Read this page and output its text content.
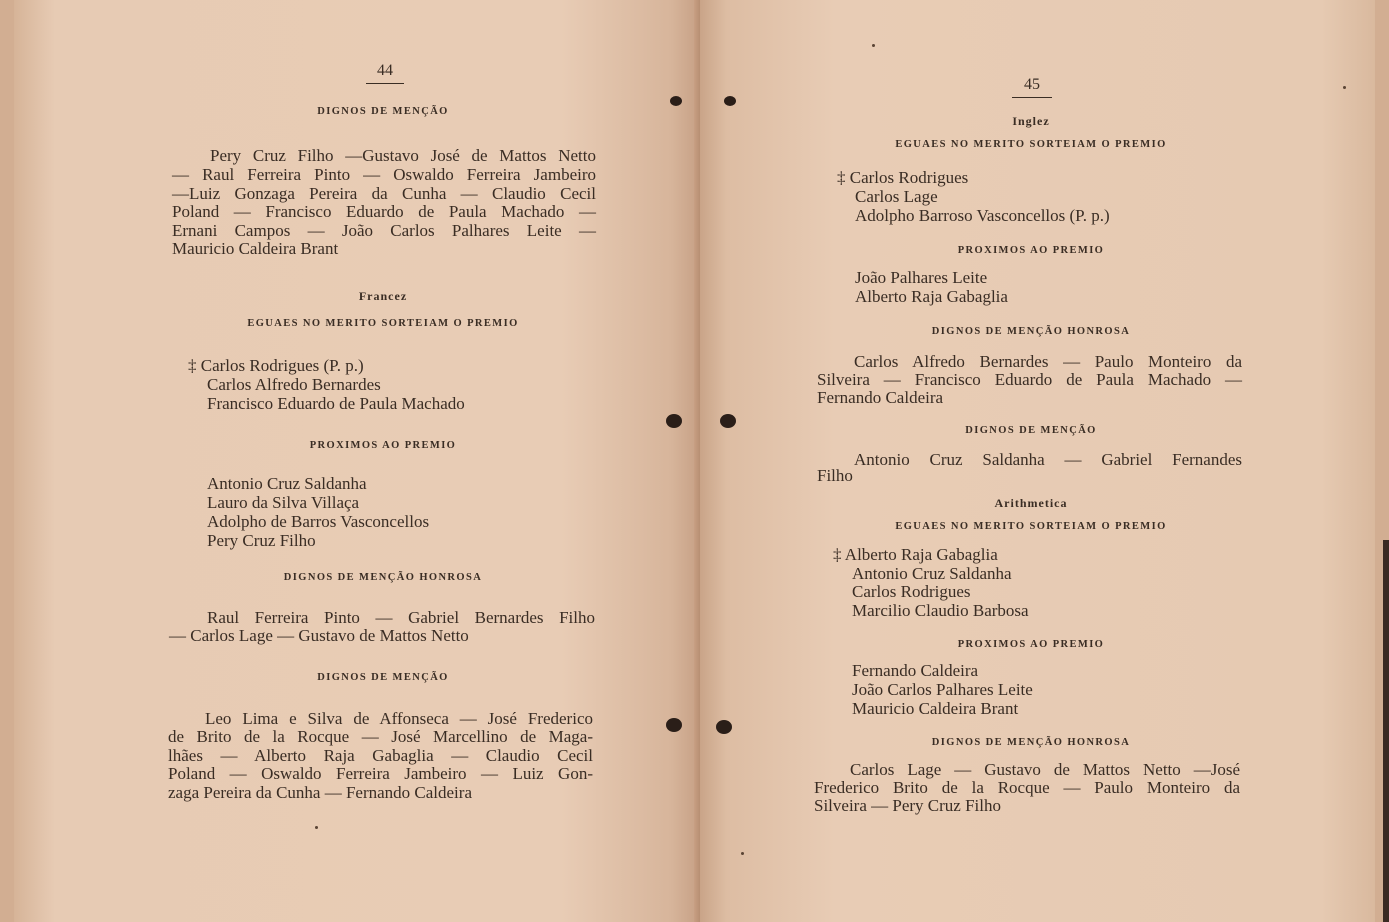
44
DIGNOS DE MENÇÃO
Pery Cruz Filho —Gustavo José de Mattos Netto
— Raul Ferreira Pinto — Oswaldo Ferreira Jambeiro
—Luiz Gonzaga Pereira da Cunha — Claudio Cecil
Poland — Francisco Eduardo de Paula Machado —
Ernani Campos — João Carlos Palhares Leite —
Mauricio Caldeira Brant
Francez
EGUAES NO MERITO SORTEIAM O PREMIO
‡ Carlos Rodrigues (P. p.)
Carlos Alfredo Bernardes
Francisco Eduardo de Paula Machado
PROXIMOS AO PREMIO
Antonio Cruz Saldanha
Lauro da Silva Villaça
Adolpho de Barros Vasconcellos
Pery Cruz Filho
DIGNOS DE MENÇÃO HONROSA
Raul Ferreira Pinto — Gabriel Bernardes Filho
— Carlos Lage — Gustavo de Mattos Netto
DIGNOS DE MENÇÃO
Leo Lima e Silva de Affonseca — José Frederico
de Brito de la Rocque — José Marcellino de Maga-
lhães — Alberto Raja Gabaglia — Claudio Cecil
Poland — Oswaldo Ferreira Jambeiro — Luiz Gon-
zaga Pereira da Cunha — Fernando Caldeira
45
Inglez
EGUAES NO MERITO SORTEIAM O PREMIO
‡ Carlos Rodrigues
Carlos Lage
Adolpho Barroso Vasconcellos (P. p.)
PROXIMOS AO PREMIO
João Palhares Leite
Alberto Raja Gabaglia
DIGNOS DE MENÇÃO HONROSA
Carlos Alfredo Bernardes — Paulo Monteiro da
Silveira — Francisco Eduardo de Paula Machado —
Fernando Caldeira
DIGNOS DE MENÇÃO
Antonio Cruz Saldanha — Gabriel Fernandes
Filho
Arithmetica
EGUAES NO MERITO SORTEIAM O PREMIO
‡ Alberto Raja Gabaglia
Antonio Cruz Saldanha
Carlos Rodrigues
Marcilio Claudio Barbosa
PROXIMOS AO PREMIO
Fernando Caldeira
João Carlos Palhares Leite
Mauricio Caldeira Brant
DIGNOS DE MENÇÃO HONROSA
Carlos Lage — Gustavo de Mattos Netto —José
Frederico Brito de la Rocque — Paulo Monteiro da
Silveira — Pery Cruz Filho
